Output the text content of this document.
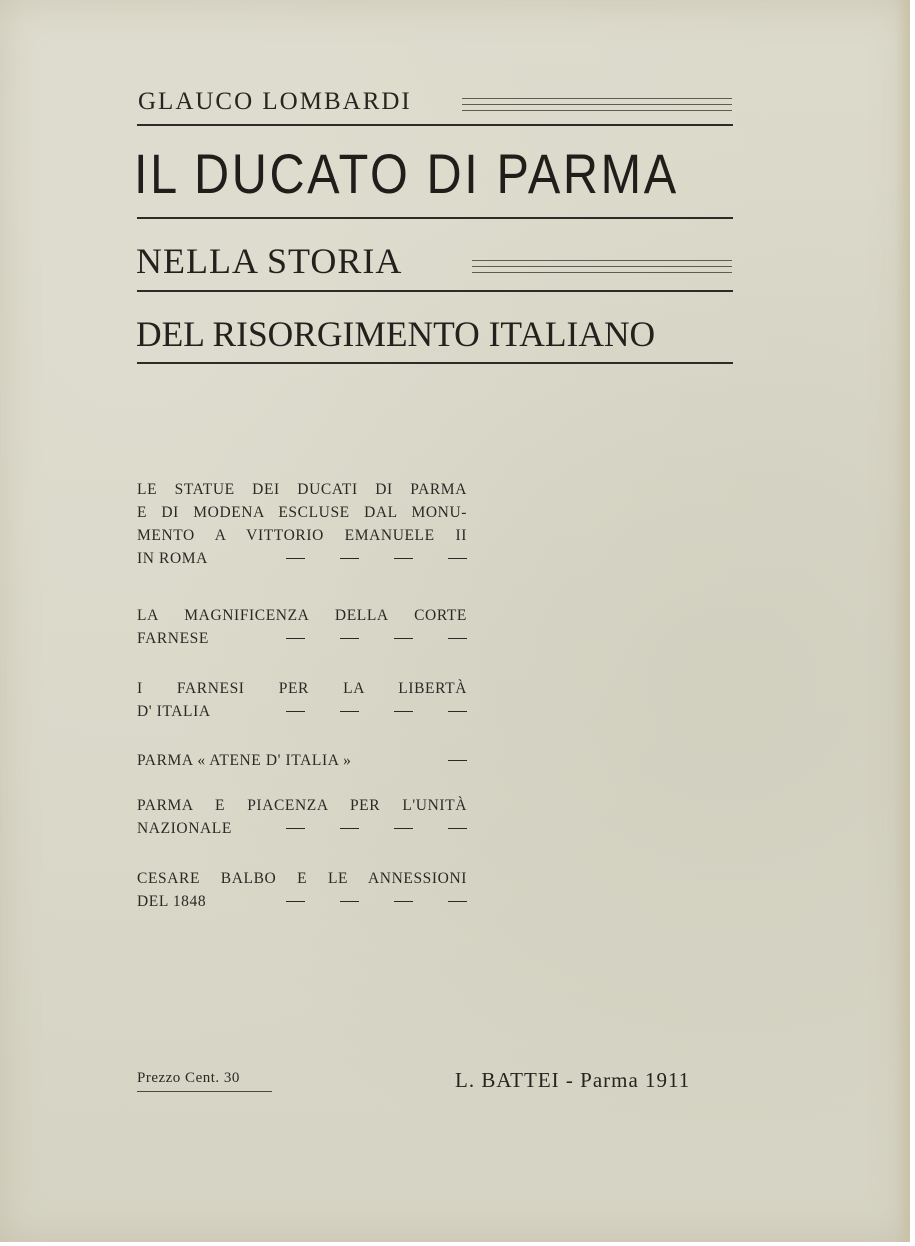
GLAUCO LOMBARDI
IL DUCATO DI PARMA
NELLA STORIA
DEL RISORGIMENTO ITALIANO
LE STATUE DEI DUCATI DI PARMA
E DI MODENA ESCLUSE DAL MONU-
MENTO A VITTORIO EMANUELE II
IN ROMA
LA MAGNIFICENZA DELLA CORTE
FARNESE
I FARNESI PER LA LIBERTÀ
D' ITALIA
PARMA « ATENE D' ITALIA »
PARMA E PIACENZA PER L'UNITÀ
NAZIONALE
CESARE BALBO E LE ANNESSIONI
DEL 1848
Prezzo Cent. 30	L. BATTEI - Parma 1911
